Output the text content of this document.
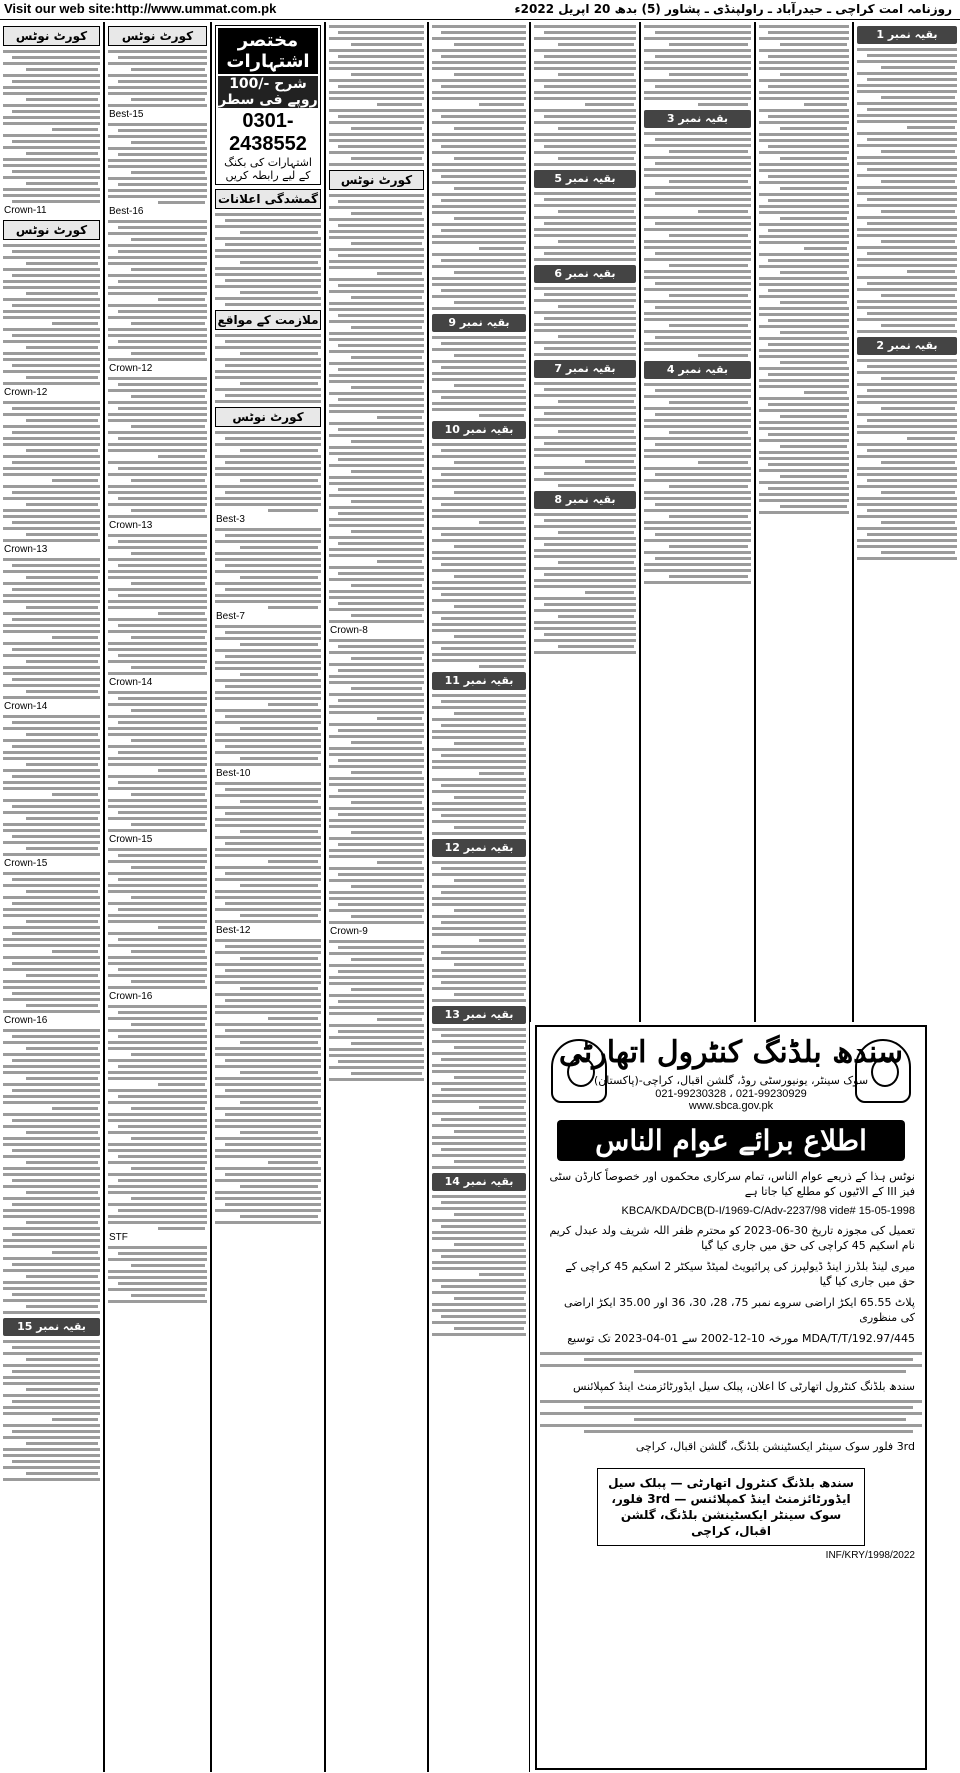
Visit our web site:http://www.ummat.com.pk	روزنامہ امت کراچی ـ حیدرآباد ـ راولپنڈی ـ پشاور (5) بدھ 20 اپریل 2022ء
کورٹ نوٹس
Crown-11
کورٹ نوٹس
Crown-12
Crown-13
Crown-14
Crown-15
Crown-16
بقیہ نمبر 15
کورٹ نوٹس
Best-15
Best-16
Crown-12
Crown-13
Crown-14
Crown-15
Crown-16
STF
مختصر اشتہارات
شرح -/100 روپے فی سطر
0301-2438552
اشتہارات کی بکنگ کے لیے رابطہ کریں
گمشدگی اعلانات
ملازمت کے مواقع
کورٹ نوٹس
Best-3
Best-7
Best-10
Best-12
کورٹ نوٹس
Crown-8
Crown-9
بقیہ نمبر 9
بقیہ نمبر 10
بقیہ نمبر 11
بقیہ نمبر 12
بقیہ نمبر 13
بقیہ نمبر 14
بقیہ نمبر 5
بقیہ نمبر 6
بقیہ نمبر 7
بقیہ نمبر 8
بقیہ نمبر 3
بقیہ نمبر 4
بقیہ نمبر 1
بقیہ نمبر 2
سندھ بلڈنگ کنٹرول اتھارٹی
سوک سینٹر، یونیورسٹی روڈ، گلشن اقبال، کراچی-(پاکستان)
021-99230328 ، 021-99230929
www.sbca.gov.pk
اطلاع برائے عوام الناس
نوٹس ہذا کے ذریعے عوام الناس، تمام سرکاری محکموں اور خصوصاً کارڈن سٹی فیز III کے الاٹیوں کو مطلع کیا جاتا ہے
KBCA/KDA/DCB(D-I/1969-C/Adv-2237/98 vide# 15-05-1998
تعمیل کی مجوزہ تاریخ 30-06-2023 کو محترم ظفر اللہ شریف ولد عبدل کریم نام اسکیم 45 کراچی کی حق میں جاری کیا گیا
میری لینڈ بلڈرز اینڈ ڈیولپرز کی پرائیویٹ لمیٹڈ سیکٹر 2 اسکیم 45 کراچی کے حق میں جاری کیا گیا
پلاٹ 65.55 ایکڑ اراضی سروے نمبر 75، 28، 30، 36 اور 35.00 ایکڑ اراضی کی منظوری
MDA/T/T/192.97/445 مورخہ 10-12-2002 سے 01-04-2023 تک توسیع
سندھ بلڈنگ کنٹرول اتھارٹی کا اعلان، پبلک سیل ایڈورٹائزمنٹ اینڈ کمپلائنس
3rd فلور سوک سینٹر ایکسٹینشن بلڈنگ، گلشن اقبال، کراچی
سندھ بلڈنگ کنٹرول اتھارٹی — پبلک سیل ایڈورٹائزمنٹ اینڈ کمپلائنس — 3rd فلور، سوک سینٹر ایکسٹینشن بلڈنگ، گلشن اقبال، کراچی
INF/KRY/1998/2022
